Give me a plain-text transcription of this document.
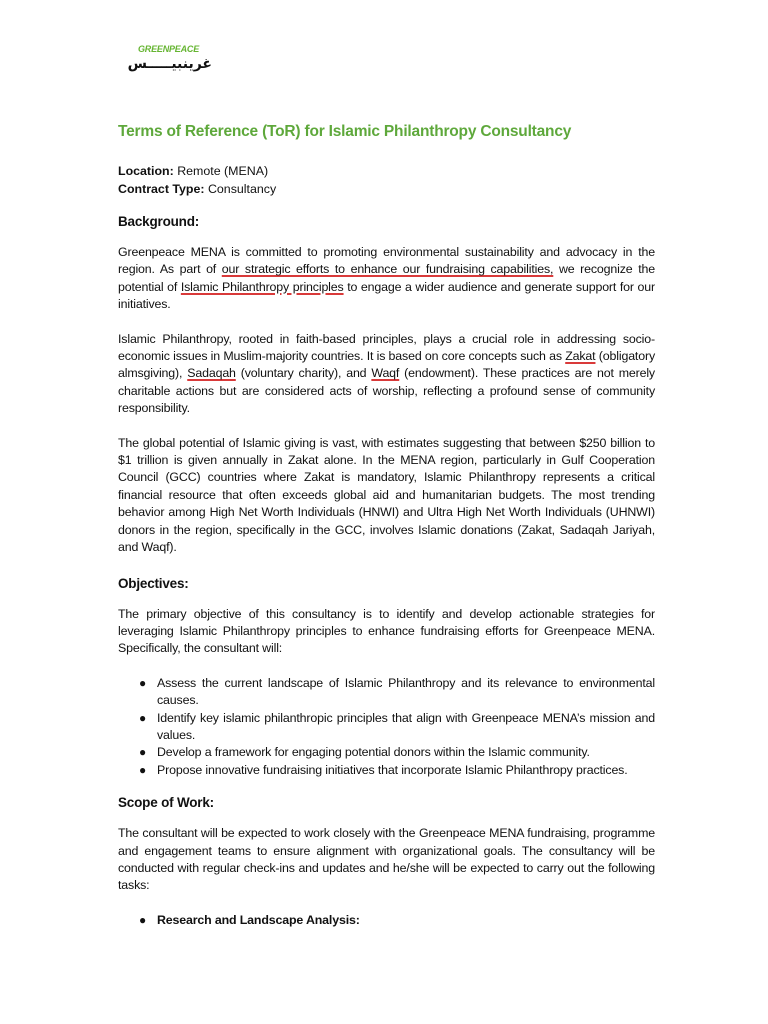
GREENPEACE
غرينبيـــــس
Terms of Reference (ToR) for Islamic Philanthropy Consultancy

Location: Remote (MENA)

Contract Type: Consultancy

Background:

Greenpeace MENA is committed to promoting environmental sustainability and advocacy in the region. As part of our strategic efforts to enhance our fundraising capabilities, we recognize the potential of Islamic Philanthropy principles to engage a wider audience and generate support for our initiatives.

Islamic Philanthropy, rooted in faith-based principles, plays a crucial role in addressing socio-economic issues in Muslim-majority countries. It is based on core concepts such as Zakat (obligatory almsgiving), Sadaqah (voluntary charity), and Waqf (endowment). These practices are not merely charitable actions but are considered acts of worship, reflecting a profound sense of community responsibility.

The global potential of Islamic giving is vast, with estimates suggesting that between $250 billion to $1 trillion is given annually in Zakat alone. In the MENA region, particularly in Gulf Cooperation Council (GCC) countries where Zakat is mandatory, Islamic Philanthropy represents a critical financial resource that often exceeds global aid and humanitarian budgets. The most trending behavior among High Net Worth Individuals (HNWI) and Ultra High Net Worth Individuals (UHNWI) donors in the region, specifically in the GCC, involves Islamic donations (Zakat, Sadaqah Jariyah, and Waqf).

Objectives:

The primary objective of this consultancy is to identify and develop actionable strategies for leveraging Islamic Philanthropy principles to enhance fundraising efforts for Greenpeace MENA. Specifically, the consultant will:

● Assess the current landscape of Islamic Philanthropy and its relevance to environmental causes.
● Identify key islamic philanthropic principles that align with Greenpeace MENA’s mission and values.
● Develop a framework for engaging potential donors within the Islamic community.
● Propose innovative fundraising initiatives that incorporate Islamic Philanthropy practices.
Scope of Work:

The consultant will be expected to work closely with the Greenpeace MENA fundraising, programme and engagement teams to ensure alignment with organizational goals. The consultancy will be conducted with regular check-ins and updates and he/she will be expected to carry out the following tasks:

● Research and Landscape Analysis:
